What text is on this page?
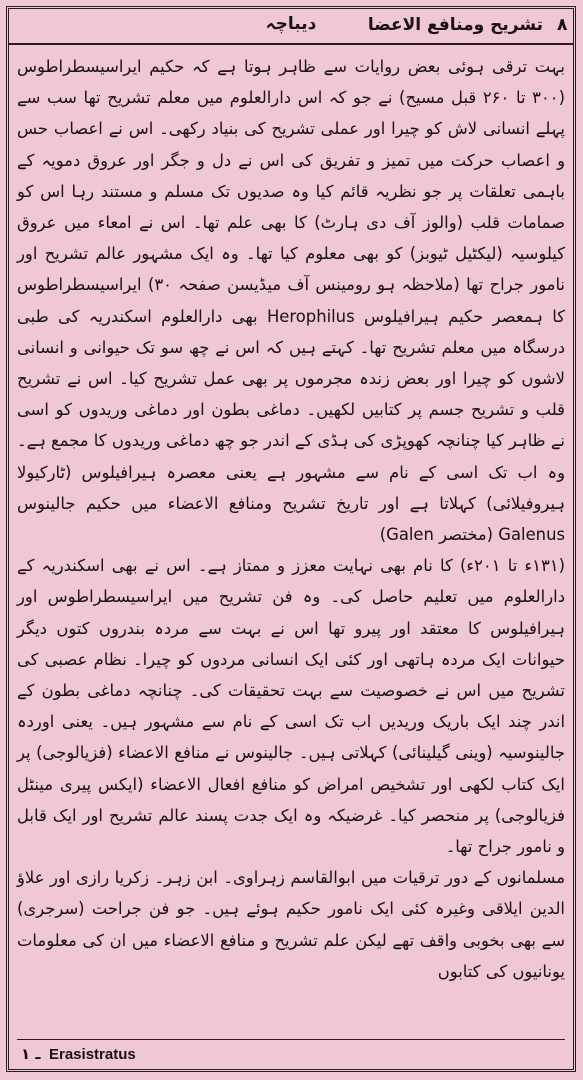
تشریح ومنافع الاعضا
دیباچہ	۸

بہت ترقی ہوئی بعض روایات سے ظاہر ہوتا ہے کہ حکیم ایراسیسطراطوس (۳۰۰ تا ۲۶۰ قبل مسیح) نے جو کہ اس دارالعلوم میں معلم تشریح تھا سب سے پہلے انسانی لاش کو چیرا اور عملی تشریح کی بنیاد رکھی۔ اس نے اعصاب حس و اعصاب حرکت میں تمیز و تفریق کی اس نے دل و جگر اور عروق دمویہ کے باہمی تعلقات پر جو نظریہ قائم کیا وہ صدیوں تک مسلم و مستند رہا اس کو صمامات قلب (والوز آف دی ہارٹ) کا بھی علم تھا۔ اس نے امعاء میں عروق کیلوسیہ (لیکٹیل ٹیوبز) کو بھی معلوم کیا تھا۔ وہ ایک مشہور عالم تشریح اور نامور جراح تھا (ملاحظہ ہو رومینس آف میڈیسن صفحہ ۳۰) ایراسیسطراطوس کا ہمعصر حکیم ہیرافیلوس Herophilus بھی دارالعلوم اسکندریہ کی طبی درسگاہ میں معلم تشریح تھا۔ کہتے ہیں کہ اس نے چھ سو تک حیوانی و انسانی لاشوں کو چیرا اور بعض زندہ مجرموں پر بھی عمل تشریح کیا۔ اس نے تشریح قلب و تشریح جسم پر کتابیں لکھیں۔ دماغی بطون اور دماغی وریدوں کو اسی نے ظاہر کیا چنانچہ کھوپڑی کی ہڈی کے اندر جو چھ دماغی وریدوں کا مجمع ہے۔ وہ اب تک اسی کے نام سے مشہور ہے یعنی معصرہ ہیرافیلوس (ٹارکیولا ہیروفیلائی) کہلاتا ہے اور تاریخ تشریح ومنافع الاعضاء میں حکیم جالینوس Galenus (مختصر Galen)

(۱۳۱ء تا ۲۰۱ء) کا نام بھی نہایت معزز و ممتاز ہے۔ اس نے بھی اسکندریہ کے دارالعلوم میں تعلیم حاصل کی۔ وہ فن تشریح میں ایراسیسطراطوس اور ہیرافیلوس کا معتقد اور پیرو تھا اس نے بہت سے مردہ بندروں کتوں دیگر حیوانات ایک مردہ ہاتھی اور کئی ایک انسانی مردوں کو چیرا۔ نظام عصبی کی تشریح میں اس نے خصوصیت سے بہت تحقیقات کی۔ چنانچہ دماغی بطون کے اندر چند ایک باریک وریدیں اب تک اسی کے نام سے مشہور ہیں۔ یعنی اوردہ جالینوسیہ (وینی گیلینائی) کہلاتی ہیں۔ جالینوس نے منافع الاعضاء (فزیالوجی) پر ایک کتاب لکھی اور تشخیص امراض کو منافع افعال الاعضاء (ایکس پیری مینٹل فزیالوجی) پر منحصر کیا۔ غرضیکہ وہ ایک جدت پسند عالم تشریح اور ایک قابل و نامور جراح تھا۔

مسلمانوں کے دور ترقیات میں ابوالقاسم زہراوی۔ ابن زہر۔ زکریا رازی اور علاؤ الدین ایلاقی وغیرہ کئی ایک نامور حکیم ہوئے ہیں۔ جو فن جراحت (سرجری) سے بھی بخوبی واقف تھے لیکن علم تشریح و منافع الاعضاء میں ان کی معلومات یونانیوں کی کتابوں

۱ ـ Erasistratus
